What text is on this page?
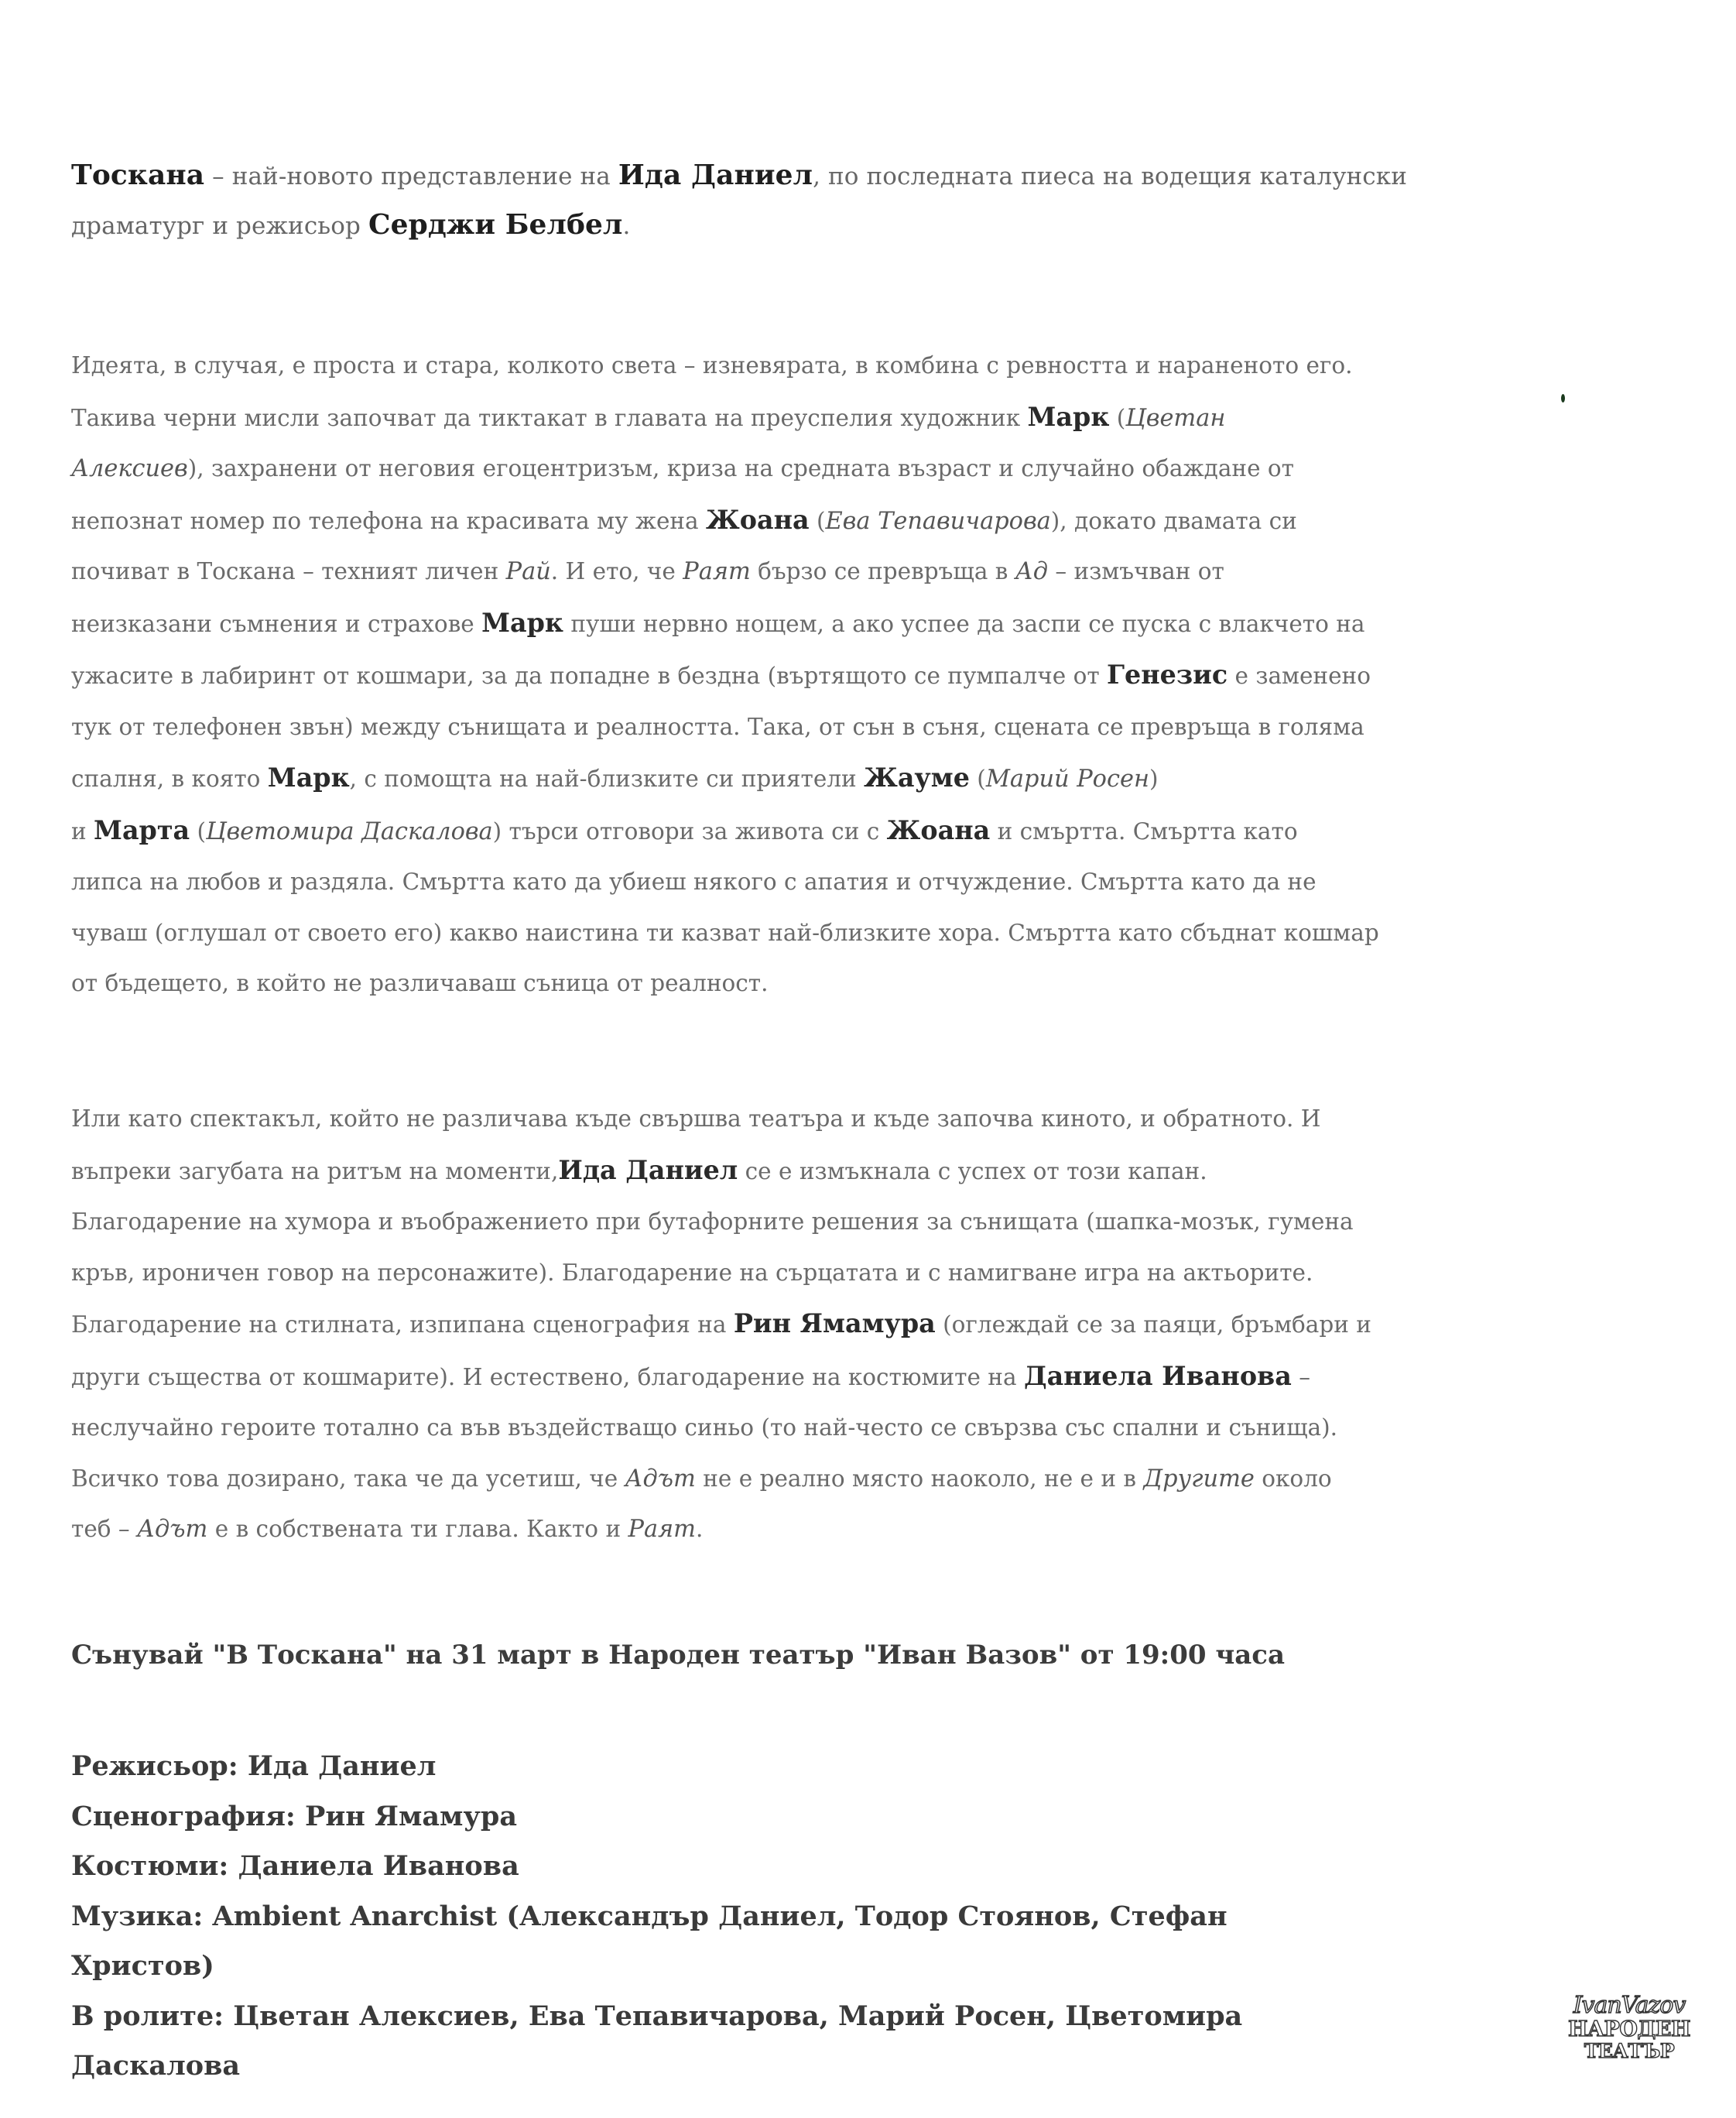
Тоскана – най-новото представление на Ида Даниел, по последната пиеса на водещия каталунски
драматург и режисьор Серджи Белбел.
Идеята, в случая, е проста и стара, колкото света – изневярата, в комбина с ревността и нараненото его.
Такива черни мисли започват да тиктакат в главата на преуспелия художник Марк (Цветан
Алексиев), захранени от неговия егоцентризъм, криза на средната възраст и случайно обаждане от
непознат номер по телефона на красивата му жена Жоана (Ева Тепавичарова), докато двамата си
почиват в Тоскана – техният личен Рай. И ето, че Раят бързо се превръща в Ад – измъчван от
неизказани съмнения и страхове Марк пуши нервно нощем, а ако успее да заспи се пуска с влакчето на
ужасите в лабиринт от кошмари, за да попадне в бездна (въртящото се пумпалче от Генезис е заменено
тук от телефонен звън) между сънищата и реалността. Така, от сън в съня, сцената се превръща в голяма
спалня, в която Марк, с помощта на най-близките си приятели Жауме (Марий Росен)
и Марта (Цветомира Даскалова) търси отговори за живота си с Жоана и смъртта. Смъртта като
липса на любов и раздяла. Смъртта като да убиеш някого с апатия и отчуждение. Смъртта като да не
чуваш (оглушал от своето его) какво наистина ти казват най-близките хора. Смъртта като сбъднат кошмар
от бъдещето, в който не различаваш съница от реалност.
Или като спектакъл, който не различава къде свършва театъра и къде започва киното, и обратното. И
въпреки загубата на ритъм на моменти,Ида Даниел се е измъкнала с успех от този капан.
Благодарение на хумора и въображението при бутафорните решения за сънищата (шапка-мозък, гумена
кръв, ироничен говор на персонажите). Благодарение на сърцатата и с намигване игра на актьорите.
Благодарение на стилната, изпипана сценография на Рин Ямамура (оглеждай се за паяци, бръмбари и
други същества от кошмарите). И естествено, благодарение на костюмите на Даниела Иванова –
неслучайно героите тотално са във въздействащо синьо (то най-често се свързва със спални и сънища).
Всичко това дозирано, така че да усетиш, че Адът не е реално място наоколо, не е и в Другите около
теб – Адът е в собствената ти глава. Както и Раят.
Сънувай "В Тоскана" на 31 март в Народен театър "Иван Вазов" от 19:00 часа
Режисьор: Ида Даниел
Сценография: Рин Ямамура
Костюми: Даниела Иванова
Музика: Ambient Anarchist (Александър Даниел, Тодор Стоянов, Стефан
Христов)
В ролите: Цветан Алексиев, Ева Тепавичарова, Марий Росен, Цветомира
Даскалова
IvanVazov
НАРОДЕН
ТЕАТЪР
